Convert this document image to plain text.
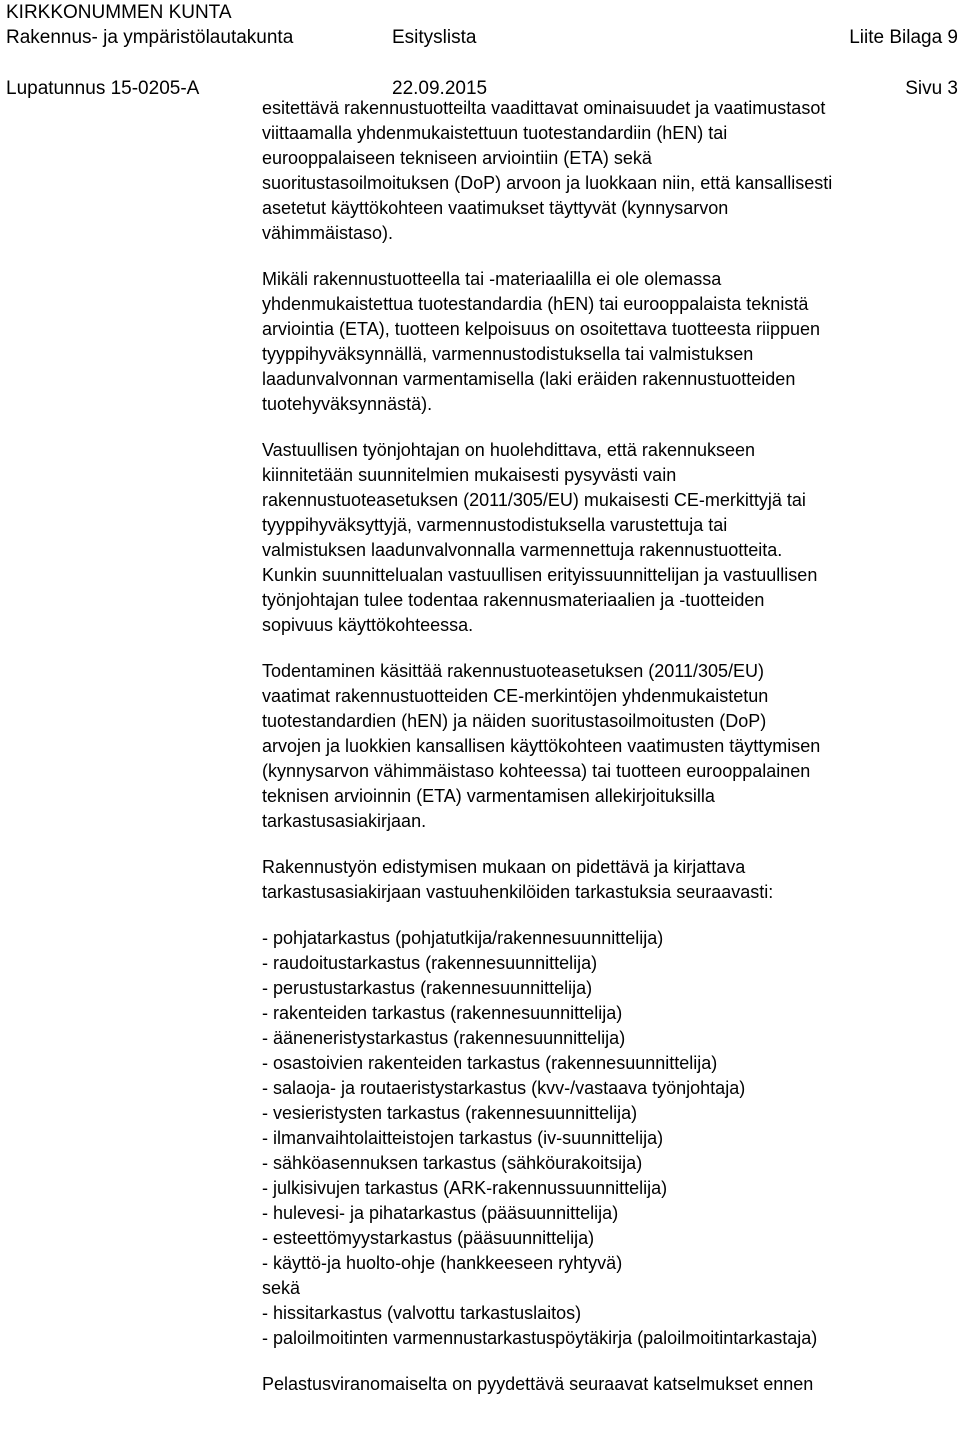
KIRKKONUMMEN KUNTA
Rakennus- ja ympäristölautakunta	Esityslista	Liite Bilaga 9
Lupatunnus 15-0205-A	22.09.2015	Sivu 3

esitettävä rakennustuotteilta vaadittavat ominaisuudet ja vaatimustasot
viittaamalla yhdenmukaistettuun tuotestandardiin (hEN) tai
eurooppalaiseen tekniseen arviointiin (ETA) sekä
suoritustasoilmoituksen (DoP) arvoon ja luokkaan niin, että kansallisesti
asetetut käyttökohteen vaatimukset täyttyvät (kynnysarvon
vähimmäistaso).

Mikäli rakennustuotteella tai -materiaalilla ei ole olemassa
yhdenmukaistettua tuotestandardia (hEN) tai eurooppalaista teknistä
arviointia (ETA), tuotteen kelpoisuus on osoitettava tuotteesta riippuen
tyyppihyväksynnällä, varmennustodistuksella tai valmistuksen
laadunvalvonnan varmentamisella (laki eräiden rakennustuotteiden
tuotehyväksynnästä).

Vastuullisen työnjohtajan on huolehdittava, että rakennukseen
kiinnitetään suunnitelmien mukaisesti pysyvästi vain
rakennustuoteasetuksen (2011/305/EU) mukaisesti CE-merkittyjä tai
tyyppihyväksyttyjä, varmennustodistuksella varustettuja tai
valmistuksen laadunvalvonnalla varmennettuja rakennustuotteita.
Kunkin suunnittelualan vastuullisen erityissuunnittelijan ja vastuullisen
työnjohtajan tulee todentaa rakennusmateriaalien ja -tuotteiden
sopivuus käyttökohteessa.

Todentaminen käsittää rakennustuoteasetuksen (2011/305/EU)
vaatimat rakennustuotteiden CE-merkintöjen yhdenmukaistetun
tuotestandardien (hEN) ja näiden suoritustasoilmoitusten (DoP)
arvojen ja luokkien kansallisen käyttökohteen vaatimusten täyttymisen
(kynnysarvon vähimmäistaso kohteessa) tai tuotteen eurooppalainen
teknisen arvioinnin (ETA) varmentamisen allekirjoituksilla
tarkastusasiakirjaan.

Rakennustyön edistymisen mukaan on pidettävä ja kirjattava
tarkastusasiakirjaan vastuuhenkilöiden tarkastuksia seuraavasti:

- pohjatarkastus (pohjatutkija/rakennesuunnittelija)
- raudoitustarkastus (rakennesuunnittelija)
- perustustarkastus (rakennesuunnittelija)
- rakenteiden tarkastus (rakennesuunnittelija)
- ääneneristystarkastus (rakennesuunnittelija)
- osastoivien rakenteiden tarkastus (rakennesuunnittelija)
- salaoja- ja routaeristystarkastus (kvv-/vastaava työnjohtaja)
- vesieristysten tarkastus (rakennesuunnittelija)
- ilmanvaihtolaitteistojen tarkastus (iv-suunnittelija)
- sähköasennuksen tarkastus (sähköurakoitsija)
- julkisivujen tarkastus (ARK-rakennussuunnittelija)
- hulevesi- ja pihatarkastus (pääsuunnittelija)
- esteettömyystarkastus (pääsuunnittelija)
- käyttö-ja huolto-ohje (hankkeeseen ryhtyvä)
sekä
- hissitarkastus (valvottu tarkastuslaitos)
- paloilmoitinten varmennustarkastuspöytäkirja (paloilmoitintarkastaja)

Pelastusviranomaiselta on pyydettävä seuraavat katselmukset ennen
